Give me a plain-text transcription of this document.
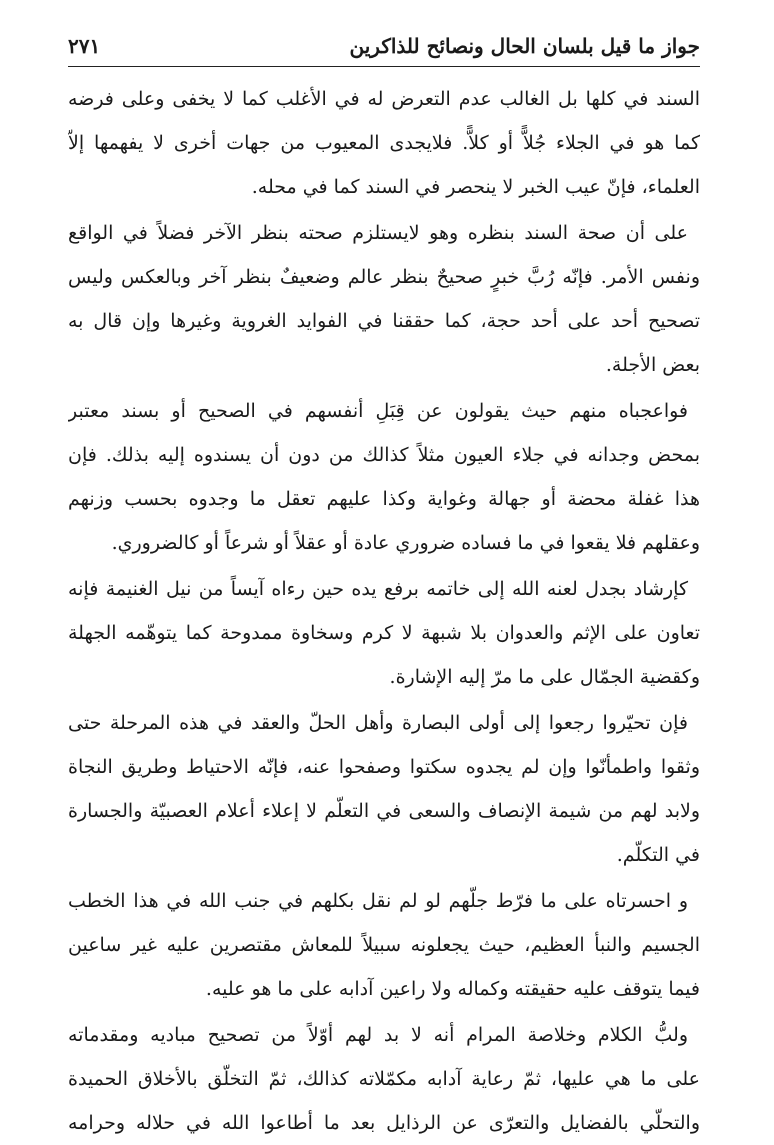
جواز ما قيل بلسان الحال ونصائح للذاكرين
٢٧١
السند في كلها بل الغالب عدم التعرض له في الأغلب كما لا يخفى وعلى فرضه
كما هو في الجلاء جُلاًّ أو كلاًّ. فلايجدى المعيوب من جهات أخرى لا يفهمها إلاّ
العلماء، فإنّ عيب الخبر لا ينحصر في السند كما في محله.
على أن صحة السند بنظره وهو لايستلزم صحته بنظر الآخر فضلاً في الواقع
ونفس الأمر. فإنّه رُبَّ خبرٍ صحيحٌ بنظر عالم وضعيفٌ بنظر آخر وبالعكس وليس
تصحيح أحد على أحد حجة، كما حققنا في الفوايد الغروية وغيرها وإن قال به
بعض الأجلة.
فواعجباه منهم حيث يقولون عن قِبَلِ أنفسهم في الصحيح أو بسند معتبر
بمحض وجدانه في جلاء العيون مثلاً كذالك من دون أن يسندوه إليه بذلك. فإن
هذا غفلة محضة أو جهالة وغواية وكذا عليهم تعقل ما وجدوه بحسب وزنهم
وعقلهم فلا يقعوا في ما فساده ضروري عادة أو عقلاً أو شرعاً أو كالضروري.
كإرشاد بجدل لعنه الله إلى خاتمه برفع يده حين رءاه آيساً من نيل الغنيمة فإنه
تعاون على الإثم والعدوان بلا شبهة لا كرم وسخاوة ممدوحة كما يتوهّمه الجهلة
وكقضية الجمّال على ما مرّ إليه الإشارة.
فإن تحيّروا رجعوا إلى أولى البصارة وأهل الحلّ والعقد في هذه المرحلة حتى
وثقوا واطمأنّوا وإن لم يجدوه سكتوا وصفحوا عنه، فإنّه الاحتياط وطريق النجاة
ولابد لهم من شيمة الإنصاف والسعى في التعلّم لا إعلاء أعلام العصبيّة والجسارة
في التكلّم.
و احسرتاه على ما فرّط جلّهم لو لم نقل بكلهم في جنب الله في هذا الخطب
الجسيم والنبأ العظيم، حيث يجعلونه سبيلاً للمعاش مقتصرين عليه غير ساعين
فيما يتوقف عليه حقيقته وكماله ولا راعين آدابه على ما هو عليه.
ولبُّ الكلام وخلاصة المرام أنه لا بد لهم أوّلاً من تصحيح مباديه ومقدماته
على ما هي عليها، ثمّ رعاية آدابه مكمّلاته كذالك، ثمّ التخلّق بالأخلاق الحميدة
والتحلّي بالفضايل والتعرّى عن الرذايل بعد ما أطاعوا الله في حلاله وحرامه
